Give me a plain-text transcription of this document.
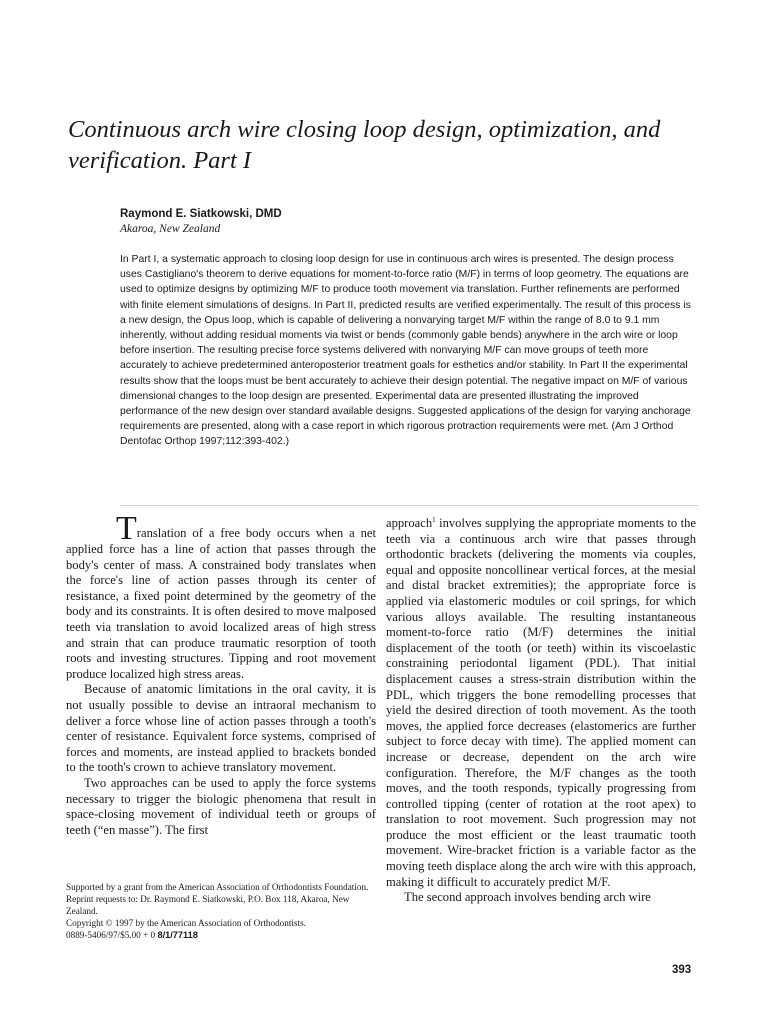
Continuous arch wire closing loop design, optimization, and verification. Part I
Raymond E. Siatkowski, DMD
Akaroa, New Zealand

In Part I, a systematic approach to closing loop design for use in continuous arch wires is presented. The design process uses Castigliano's theorem to derive equations for moment-to-force ratio (M/F) in terms of loop geometry. The equations are used to optimize designs by optimizing M/F to produce tooth movement via translation. Further refinements are performed with finite element simulations of designs. In Part II, predicted results are verified experimentally. The result of this process is a new design, the Opus loop, which is capable of delivering a nonvarying target M/F within the range of 8.0 to 9.1 mm inherently, without adding residual moments via twist or bends (commonly gable bends) anywhere in the arch wire or loop before insertion. The resulting precise force systems delivered with nonvarying M/F can move groups of teeth more accurately to achieve predetermined anteroposterior treatment goals for esthetics and/or stability. In Part II the experimental results show that the loops must be bent accurately to achieve their design potential. The negative impact on M/F of various dimensional changes to the loop design are presented. Experimental data are presented illustrating the improved performance of the new design over standard available designs. Suggested applications of the design for varying anchorage requirements are presented, along with a case report in which rigorous protraction requirements were met. (Am J Orthod Dentofac Orthop 1997;112:393-402.)

Translation of a free body occurs when a net applied force has a line of action that passes through the body's center of mass. A constrained body translates when the force's line of action passes through its center of resistance, a fixed point determined by the geometry of the body and its constraints. It is often desired to move malposed teeth via translation to avoid localized areas of high stress and strain that can produce traumatic resorption of tooth roots and investing structures. Tipping and root movement produce localized high stress areas.

Because of anatomic limitations in the oral cavity, it is not usually possible to devise an intraoral mechanism to deliver a force whose line of action passes through a tooth's center of resistance. Equivalent force systems, comprised of forces and moments, are instead applied to brackets bonded to the tooth's crown to achieve translatory movement.

Two approaches can be used to apply the force systems necessary to trigger the biologic phenomena that result in space-closing movement of individual teeth or groups of teeth (“en masse”). The first

approach$^1$ involves supplying the appropriate moments to the teeth via a continuous arch wire that passes through orthodontic brackets (delivering the moments via couples, equal and opposite noncollinear vertical forces, at the mesial and distal bracket extremities); the appropriate force is applied via elastomeric modules or coil springs, for which various alloys available. The resulting instantaneous moment-to-force ratio (M/F) determines the initial displacement of the tooth (or teeth) within its viscoelastic constraining periodontal ligament (PDL). That initial displacement causes a stress-strain distribution within the PDL, which triggers the bone remodelling processes that yield the desired direction of tooth movement. As the tooth moves, the applied force decreases (elastomerics are further subject to force decay with time). The applied moment can increase or decrease, dependent on the arch wire configuration. Therefore, the M/F changes as the tooth moves, and the tooth responds, typically progressing from controlled tipping (center of rotation at the root apex) to translation to root movement. Such progression may not produce the most efficient or the least traumatic tooth movement. Wire-bracket friction is a variable factor as the moving teeth displace along the arch wire with this approach, making it difficult to accurately predict M/F.

The second approach involves bending arch wire

Supported by a grant from the American Association of Orthodontists Foundation.

Reprint requests to: Dr. Raymond E. Siatkowski, P.O. Box 118, Akaroa, New Zealand.

Copyright © 1997 by the American Association of Orthodontists.

0889-5406/97/$5.00 + 0 8/1/77118

393
